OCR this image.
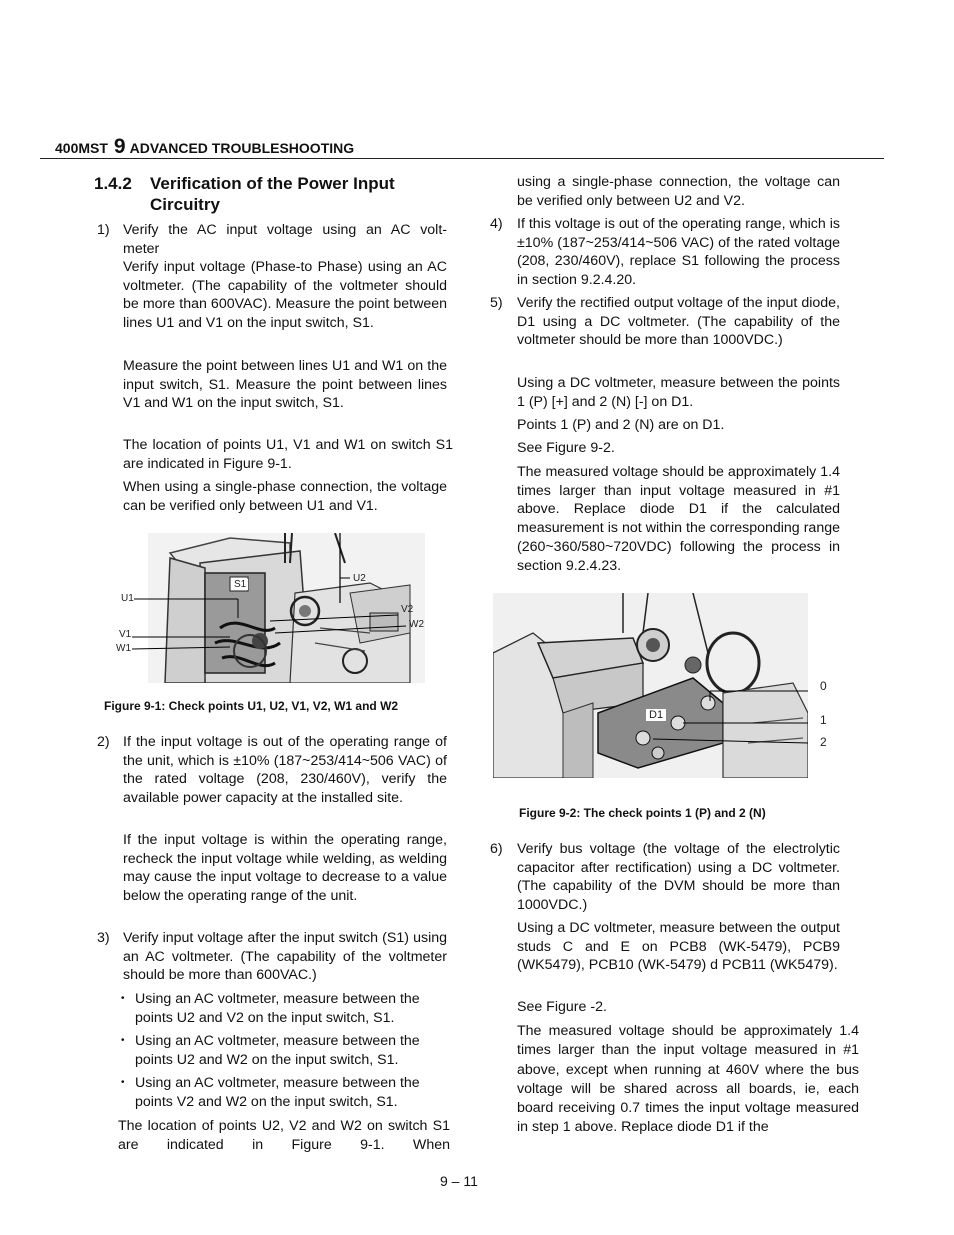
400MST 9 ADVANCED TROUBLESHOOTING
1.4.2 Verification of the Power Input
Circuitry
1) Verify the AC input voltage using an AC volt-
meter
Verify input voltage (Phase-to Phase) using an AC voltmeter. (The capability of the voltmeter should be more than 600VAC). Measure the point between lines U1 and V1 on the input switch, S1.
Measure the point between lines U1 and W1 on the input switch, S1. Measure the point between lines V1 and W1 on the input switch, S1.
The location of points U1, V1 and W1 on switch S1 are indicated in Figure 9-1.
When using a single-phase connection, the voltage can be verified only between U1 and V1.
S1
U1
U2
V1
V2
W1
W2
Figure 9-1: Check points U1, U2, V1, V2, W1 and W2
2) If the input voltage is out of the operating range of the unit, which is ±10% (187~253/414~506 VAC) of the rated voltage (208, 230/460V), verify the available power capacity at the installed site.
If the input voltage is within the operating range, recheck the input voltage while welding, as welding may cause the input voltage to decrease to a value below the operating range of the unit.
3) Verify input voltage after the input switch (S1) using an AC voltmeter. (The capability of the voltmeter should be more than 600VAC.)
• Using an AC voltmeter, measure between the points U2 and V2 on the input switch, S1.
• Using an AC voltmeter, measure between the points U2 and W2 on the input switch, S1.
• Using an AC voltmeter, measure between the points V2 and W2 on the input switch, S1.
The location of points U2, V2 and W2 on switch S1 are indicated in Figure 9-1. When
using a single-phase connection, the voltage can be verified only between U2 and V2.
4) If this voltage is out of the operating range, which is ±10% (187~253/414~506 VAC) of the rated voltage (208, 230/460V), replace S1 following the process in section 9.2.4.20.
5) Verify the rectified output voltage of the input diode, D1 using a DC voltmeter. (The capability of the voltmeter should be more than 1000VDC.)
Using a DC voltmeter, measure between the points 1 (P) [+] and 2 (N) [-] on D1.
Points 1 (P) and 2 (N) are on D1.
See Figure 9-2.
The measured voltage should be approximately 1.4 times larger than input voltage measured in #1 above. Replace diode D1 if the calculated measurement is not within the corresponding range (260~360/580~720VDC) following the process in section 9.2.4.23.
D1
0
1
2
Figure 9-2: The check points 1 (P) and 2 (N)
6) Verify bus voltage (the voltage of the electrolytic capacitor after rectification) using a DC voltmeter. (The capability of the DVM should be more than 1000VDC.)
Using a DC voltmeter, measure between the output studs C and E on PCB8 (WK-5479), PCB9 (WK5479), PCB10 (WK-5479) d PCB11 (WK5479).
See Figure -2.
The measured voltage should be approximately 1.4 times larger than the input voltage measured in #1 above, except when running at 460V where the bus voltage will be shared across all boards, ie, each board receiving 0.7 times the input voltage measured in step 1 above. Replace diode D1 if the
9 – 11
